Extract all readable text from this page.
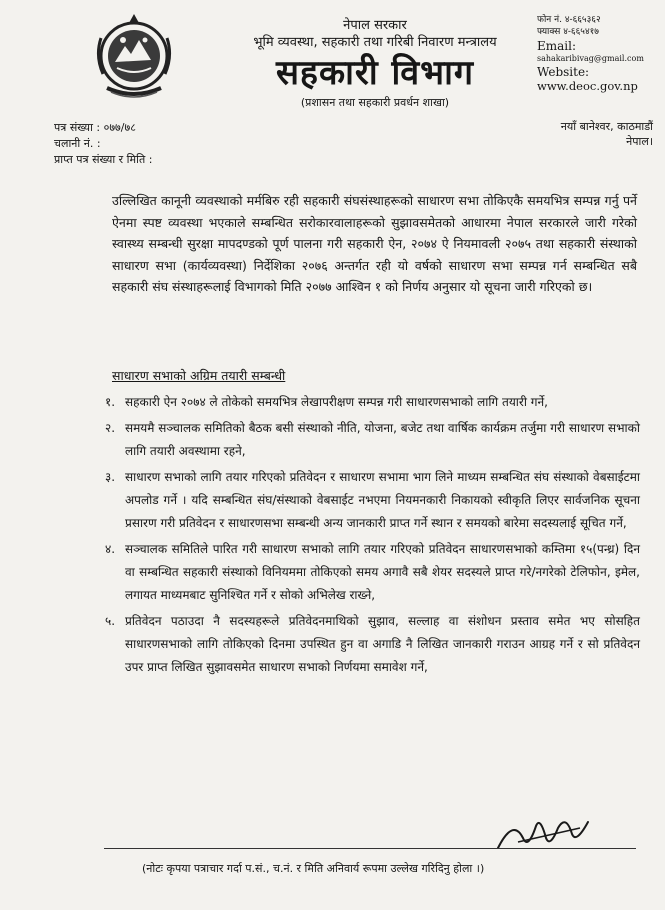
नेपाल सरकार
भूमि व्यवस्था, सहकारी तथा गरिबी निवारण मन्त्रालय
सहकारी विभाग
(प्रशासन तथा सहकारी प्रवर्धन शाखा)
फोन नं. ४-६६५३६२
फ्याक्स ४-६६५४१७
Email:
sahakaribivag@gmail.com
Website:
www.deoc.gov.np
पत्र संख्या : ०७७/७८
चलानी नं. :
प्राप्त पत्र संख्या र मिति :
नयाँ बानेश्वर, काठमाडौं
नेपाल।
उल्लिखित कानूनी व्यवस्थाको मर्मबिरु रही सहकारी संघसंस्थाहरूको साधारण सभा तोकिएकै समयभित्र सम्पन्न गर्नु पर्ने ऐनमा स्पष्ट व्यवस्था भएकाले सम्बन्धित सरोकारवालाहरूको सुझावसमेतको आधारमा नेपाल सरकारले जारी गरेको स्वास्थ्य सम्बन्धी सुरक्षा मापदण्डको पूर्ण पालना गरी सहकारी ऐन, २०७४ ऐ नियमावली २०७५ तथा सहकारी संस्थाको साधारण सभा (कार्यव्यवस्था) निर्देशिका २०७६ अन्तर्गत रही यो वर्षको साधारण सभा सम्पन्न गर्न सम्बन्धित सबै सहकारी संघ संस्थाहरूलाई विभागको मिति २०७७ आश्विन १ को निर्णय अनुसार यो सूचना जारी गरिएको छ।
साधारण सभाको अग्रिम तयारी सम्बन्धी
१. सहकारी ऐन २०७४ ले तोकेको समयभित्र लेखापरीक्षण सम्पन्न गरी साधारणसभाको लागि तयारी गर्ने,
२. समयमै सञ्चालक समितिको बैठक बसी संस्थाको नीति, योजना, बजेट तथा वार्षिक कार्यक्रम तर्जुमा गरी साधारण सभाको लागि तयारी अवस्थामा रहने,
३. साधारण सभाको लागि तयार गरिएको प्रतिवेदन र साधारण सभामा भाग लिने माध्यम सम्बन्धित संघ संस्थाको वेबसाईटमा अपलोड गर्ने । यदि सम्बन्धित संघ/संस्थाको वेबसाईट नभएमा नियमनकारी निकायको स्वीकृति लिएर सार्वजनिक सूचना प्रसारण गरी प्रतिवेदन र साधारणसभा सम्बन्धी अन्य जानकारी प्राप्त गर्ने स्थान र समयको बारेमा सदस्यलाई सूचित गर्ने,
४. सञ्चालक समितिले पारित गरी साधारण सभाको लागि तयार गरिएको प्रतिवेदन साधारणसभाको कम्तिमा १५(पन्ध्र) दिन वा सम्बन्धित सहकारी संस्थाको विनियममा तोकिएको समय अगावै सबै शेयर सदस्यले प्राप्त गरे/नगरेको टेलिफोन, इमेल, लगायत माध्यमबाट सुनिश्चित गर्ने र सोको अभिलेख राख्ने,
५. प्रतिवेदन पठाउदा नै सदस्यहरूले प्रतिवेदनमाथिको सुझाव, सल्लाह वा संशोधन प्रस्ताव समेत भए सोसहित साधारणसभाको लागि तोकिएको दिनमा उपस्थित हुन वा अगाडि नै लिखित जानकारी गराउन आग्रह गर्ने र सो प्रतिवेदन उपर प्राप्त लिखित सुझावसमेत साधारण सभाको निर्णयमा समावेश गर्ने,
(नोटः कृपया पत्राचार गर्दा प.सं., च.नं. र मिति अनिवार्य रूपमा उल्लेख गरिदिनु होला ।)
